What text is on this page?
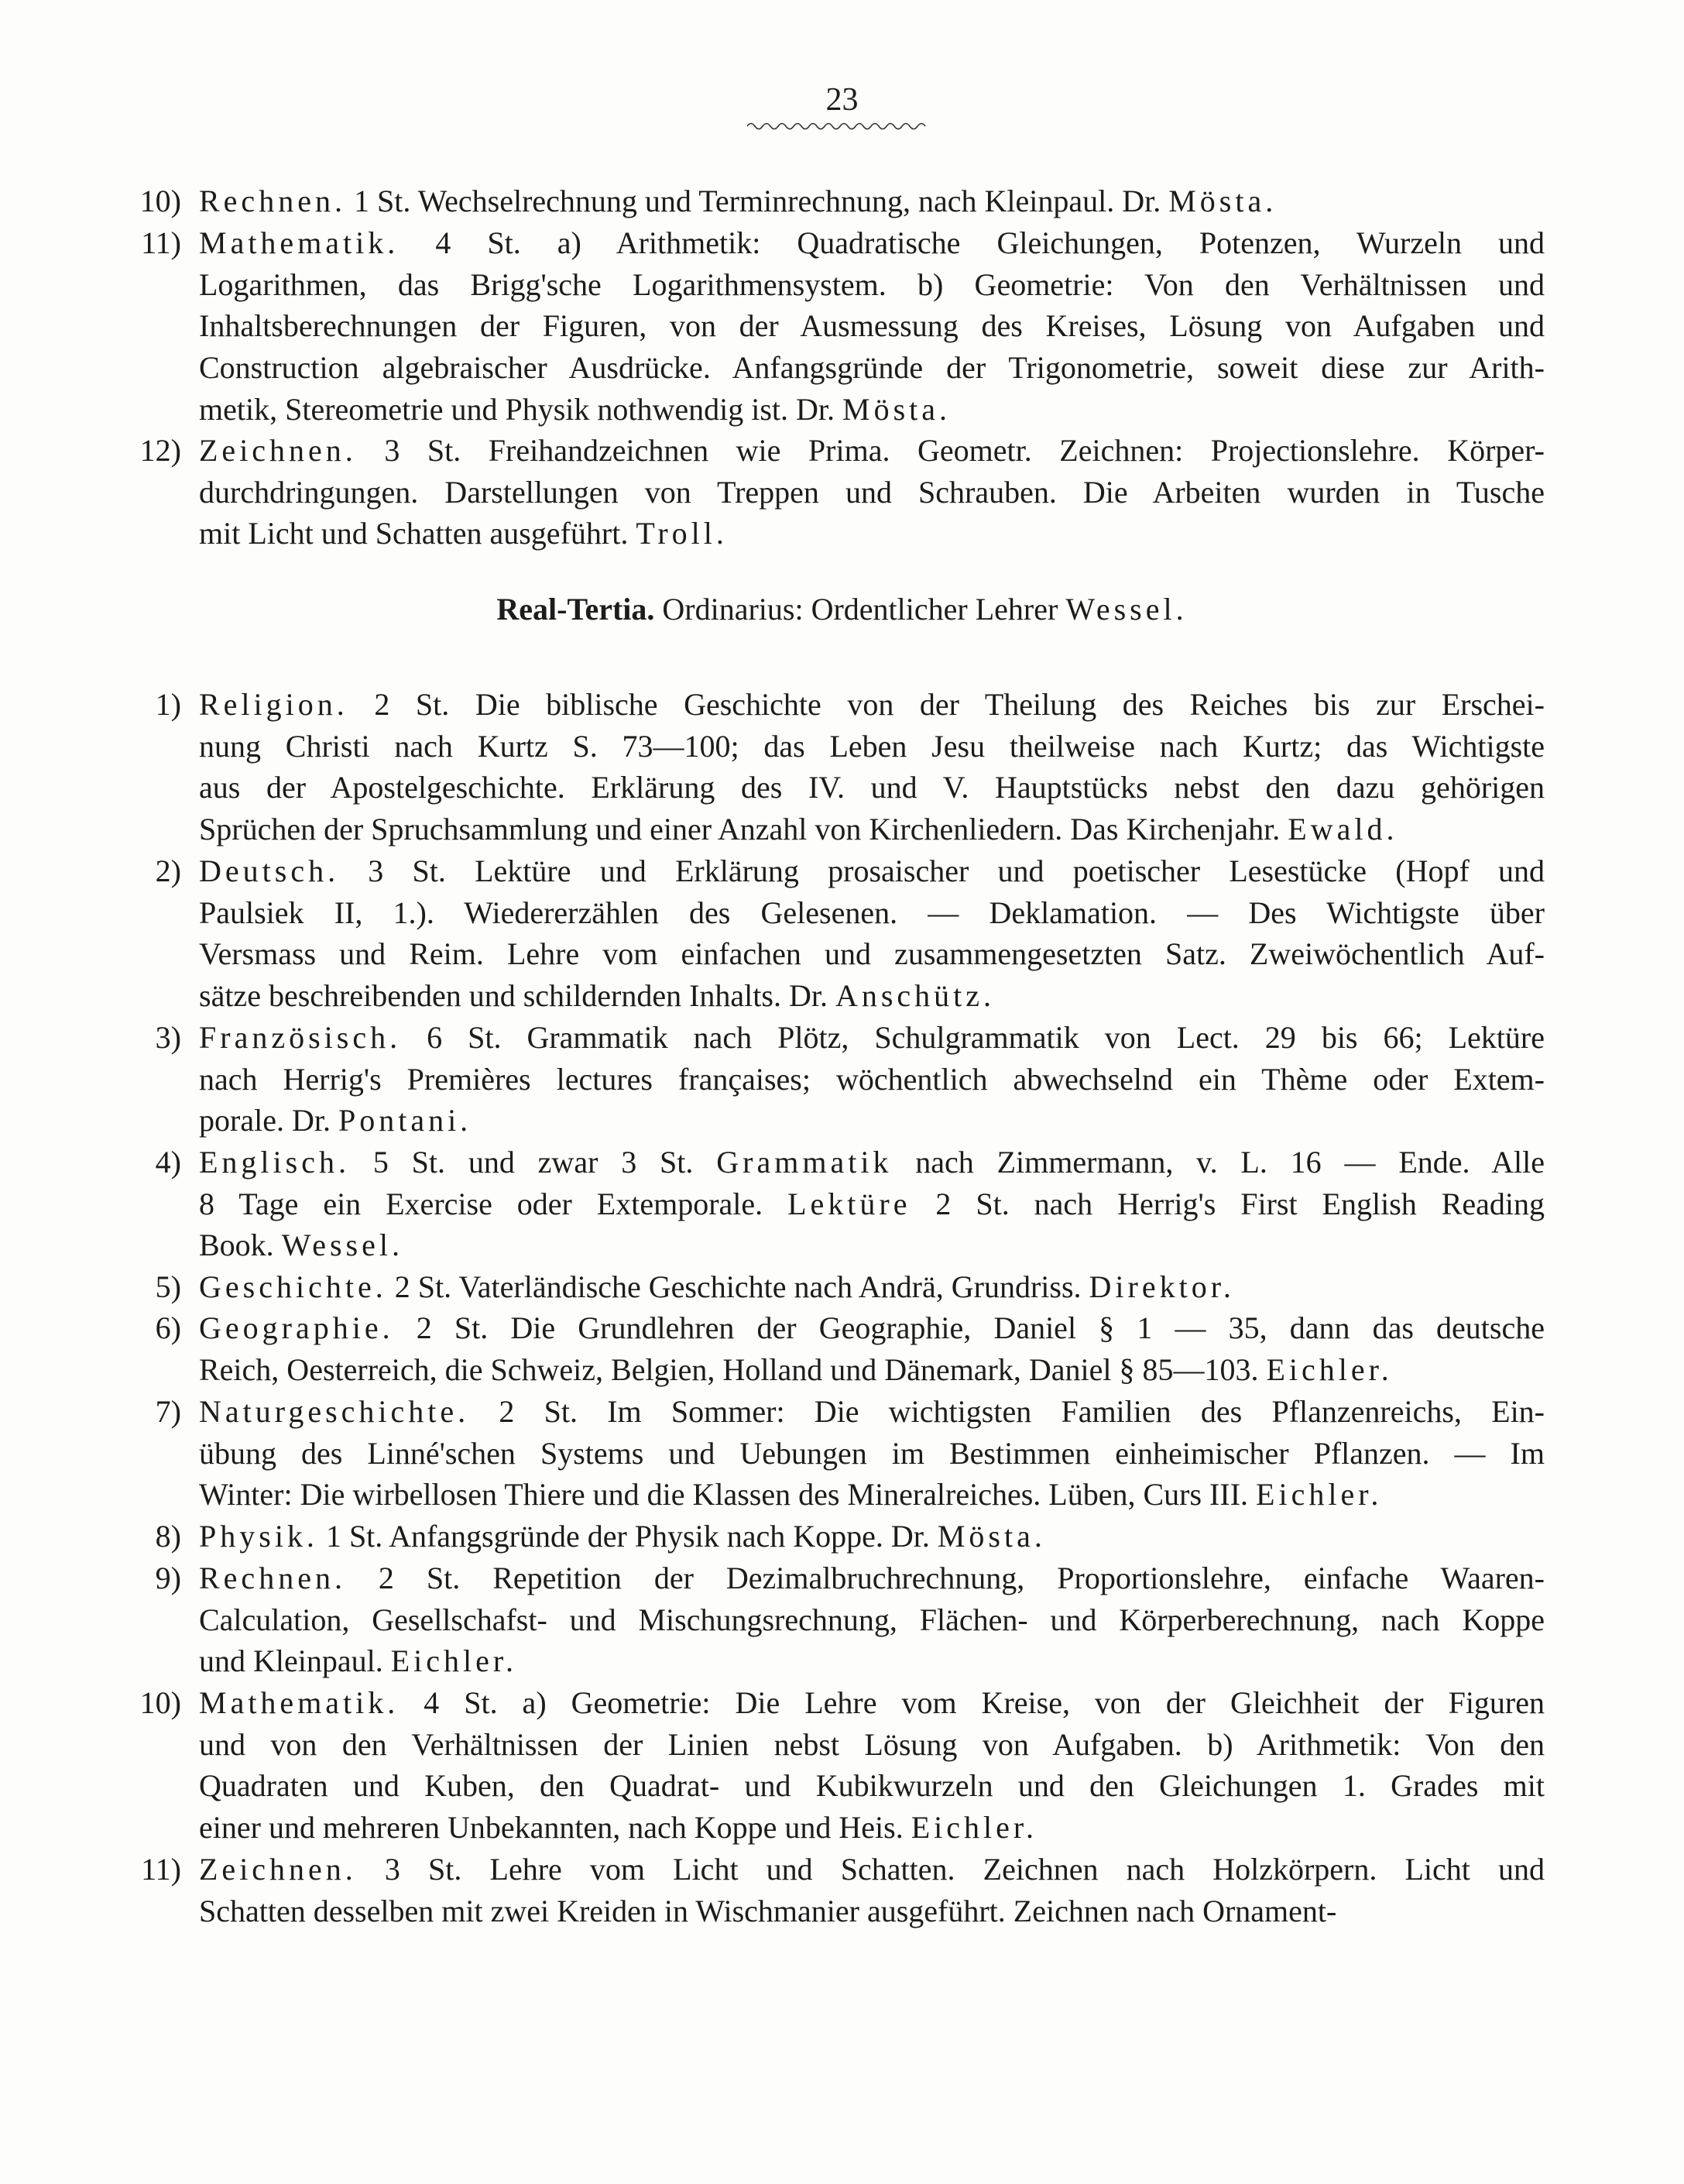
23
10) Rechnen. 1 St. Wechselrechnung und Terminrechnung, nach Kleinpaul. Dr. Mösta.
11) Mathematik. 4 St. a) Arithmetik: Quadratische Gleichungen, Potenzen, Wurzeln und
Logarithmen, das Brigg'sche Logarithmensystem. b) Geometrie: Von den Verhältnissen und
Inhaltsberechnungen der Figuren, von der Ausmessung des Kreises, Lösung von Aufgaben und
Construction algebraischer Ausdrücke. Anfangsgründe der Trigonometrie, soweit diese zur Arith-
metik, Stereometrie und Physik nothwendig ist. Dr. Mösta.
12) Zeichnen. 3 St. Freihandzeichnen wie Prima. Geometr. Zeichnen: Projectionslehre. Körper-
durchdringungen. Darstellungen von Treppen und Schrauben. Die Arbeiten wurden in Tusche
mit Licht und Schatten ausgeführt. Troll.
Real-Tertia. Ordinarius: Ordentlicher Lehrer Wessel.
1) Religion. 2 St. Die biblische Geschichte von der Theilung des Reiches bis zur Erschei-
nung Christi nach Kurtz S. 73—100; das Leben Jesu theilweise nach Kurtz; das Wichtigste
aus der Apostelgeschichte. Erklärung des IV. und V. Hauptstücks nebst den dazu gehörigen
Sprüchen der Spruchsammlung und einer Anzahl von Kirchenliedern. Das Kirchenjahr. Ewald.
2) Deutsch. 3 St. Lektüre und Erklärung prosaischer und poetischer Lesestücke (Hopf und
Paulsiek II, 1.). Wiedererzählen des Gelesenen. — Deklamation. — Des Wichtigste über
Versmass und Reim. Lehre vom einfachen und zusammengesetzten Satz. Zweiwöchentlich Auf-
sätze beschreibenden und schildernden Inhalts. Dr. Anschütz.
3) Französisch. 6 St. Grammatik nach Plötz, Schulgrammatik von Lect. 29 bis 66; Lektüre
nach Herrig's Premières lectures françaises; wöchentlich abwechselnd ein Thème oder Extem-
porale. Dr. Pontani.
4) Englisch. 5 St. und zwar 3 St. Grammatik nach Zimmermann, v. L. 16 — Ende. Alle
8 Tage ein Exercise oder Extemporale. Lektüre 2 St. nach Herrig's First English Reading
Book. Wessel.
5) Geschichte. 2 St. Vaterländische Geschichte nach Andrä, Grundriss. Direktor.
6) Geographie. 2 St. Die Grundlehren der Geographie, Daniel § 1 — 35, dann das deutsche
Reich, Oesterreich, die Schweiz, Belgien, Holland und Dänemark, Daniel § 85—103. Eichler.
7) Naturgeschichte. 2 St. Im Sommer: Die wichtigsten Familien des Pflanzenreichs, Ein-
übung des Linné'schen Systems und Uebungen im Bestimmen einheimischer Pflanzen. — Im
Winter: Die wirbellosen Thiere und die Klassen des Mineralreiches. Lüben, Curs III. Eichler.
8) Physik. 1 St. Anfangsgründe der Physik nach Koppe. Dr. Mösta.
9) Rechnen. 2 St. Repetition der Dezimalbruchrechnung, Proportionslehre, einfache Waaren-
Calculation, Gesellschafst- und Mischungsrechnung, Flächen- und Körperberechnung, nach Koppe
und Kleinpaul. Eichler.
10) Mathematik. 4 St. a) Geometrie: Die Lehre vom Kreise, von der Gleichheit der Figuren
und von den Verhältnissen der Linien nebst Lösung von Aufgaben. b) Arithmetik: Von den
Quadraten und Kuben, den Quadrat- und Kubikwurzeln und den Gleichungen 1. Grades mit
einer und mehreren Unbekannten, nach Koppe und Heis. Eichler.
11) Zeichnen. 3 St. Lehre vom Licht und Schatten. Zeichnen nach Holzkörpern. Licht und
Schatten desselben mit zwei Kreiden in Wischmanier ausgeführt. Zeichnen nach Ornament-
